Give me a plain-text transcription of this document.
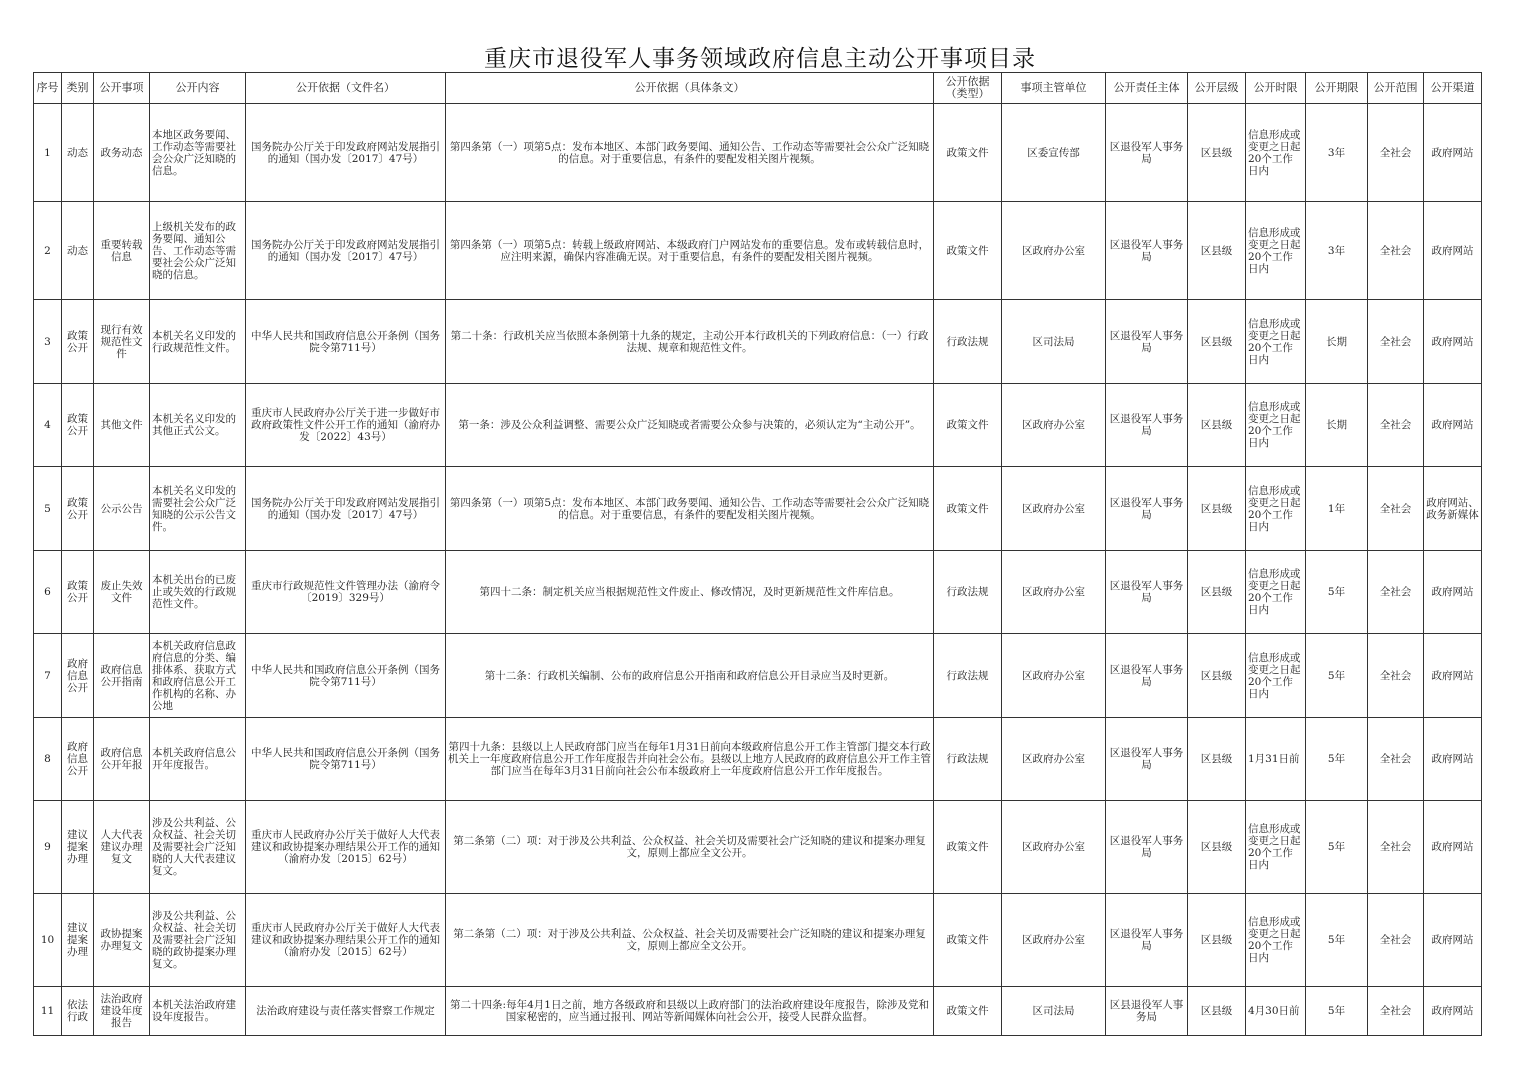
重庆市退役军人事务领域政府信息主动公开事项目录
序号	类别	公开事项	公开内容	公开依据（文件名）	公开依据（具体条文）	公开依据（类型）	事项主管单位	公开责任主体	公开层级	公开时限	公开期限	公开范围	公开渠道

1	动态	政务动态	本地区政务要闻、工作动态等需要社会公众广泛知晓的信息。	国务院办公厅关于印发政府网站发展指引的通知（国办发〔2017〕47号）	第四条第（一）项第5点：发布本地区、本部门政务要闻、通知公告、工作动态等需要社会公众广泛知晓的信息。对于重要信息，有条件的要配发相关图片视频。	政策文件	区委宣传部	区退役军人事务局	区县级	信息形成或变更之日起20个工作日内	3年	全社会	政府网站

2	动态	重要转载信息	上级机关发布的政务要闻、通知公告、工作动态等需要社会公众广泛知晓的信息。	国务院办公厅关于印发政府网站发展指引的通知（国办发〔2017〕47号）	第四条第（一）项第5点：转载上级政府网站、本级政府门户网站发布的重要信息。发布或转载信息时，应注明来源，确保内容准确无误。对于重要信息，有条件的要配发相关图片视频。	政策文件	区政府办公室	区退役军人事务局	区县级	信息形成或变更之日起20个工作日内	3年	全社会	政府网站

3	政策公开	现行有效规范性文件	本机关名义印发的行政规范性文件。	中华人民共和国政府信息公开条例（国务院令第711号）	第二十条：行政机关应当依照本条例第十九条的规定，主动公开本行政机关的下列政府信息：（一）行政法规、规章和规范性文件。	行政法规	区司法局	区退役军人事务局	区县级	信息形成或变更之日起20个工作日内	长期	全社会	政府网站

4	政策公开	其他文件	本机关名义印发的其他正式公文。	重庆市人民政府办公厅关于进一步做好市政府政策性文件公开工作的通知（渝府办发〔2022〕43号）	第一条：涉及公众利益调整、需要公众广泛知晓或者需要公众参与决策的，必须认定为“主动公开”。	政策文件	区政府办公室	区退役军人事务局	区县级	信息形成或变更之日起20个工作日内	长期	全社会	政府网站

5	政策公开	公示公告	本机关名义印发的需要社会公众广泛知晓的公示公告文件。	国务院办公厅关于印发政府网站发展指引的通知（国办发〔2017〕47号）	第四条第（一）项第5点：发布本地区、本部门政务要闻、通知公告、工作动态等需要社会公众广泛知晓的信息。对于重要信息，有条件的要配发相关图片视频。	政策文件	区政府办公室	区退役军人事务局	区县级	信息形成或变更之日起20个工作日内	1年	全社会	政府网站、政务新媒体

6	政策公开	废止失效文件	本机关出台的已废止或失效的行政规范性文件。	重庆市行政规范性文件管理办法（渝府令〔2019〕329号）	第四十二条：制定机关应当根据规范性文件废止、修改情况，及时更新规范性文件库信息。	行政法规	区政府办公室	区退役军人事务局	区县级	信息形成或变更之日起20个工作日内	5年	全社会	政府网站

7	政府信息公开	政府信息公开指南	本机关政府信息政府信息的分类、编排体系、获取方式和政府信息公开工作机构的名称、办公地	中华人民共和国政府信息公开条例（国务院令第711号）	第十二条：行政机关编制、公布的政府信息公开指南和政府信息公开目录应当及时更新。	行政法规	区政府办公室	区退役军人事务局	区县级	信息形成或变更之日起20个工作日内	5年	全社会	政府网站

8	政府信息公开	政府信息公开年报	本机关政府信息公开年度报告。	中华人民共和国政府信息公开条例（国务院令第711号）	第四十九条：县级以上人民政府部门应当在每年1月31日前向本级政府信息公开工作主管部门提交本行政机关上一年度政府信息公开工作年度报告并向社会公布。县级以上地方人民政府的政府信息公开工作主管部门应当在每年3月31日前向社会公布本级政府上一年度政府信息公开工作年度报告。	行政法规	区政府办公室	区退役军人事务局	区县级	1月31日前	5年	全社会	政府网站

9	建议提案办理	人大代表建议办理复文	涉及公共利益、公众权益、社会关切及需要社会广泛知晓的人大代表建议复文。	重庆市人民政府办公厅关于做好人大代表建议和政协提案办理结果公开工作的通知（渝府办发〔2015〕62号）	第二条第（二）项：对于涉及公共利益、公众权益、社会关切及需要社会广泛知晓的建议和提案办理复文，原则上都应全文公开。	政策文件	区政府办公室	区退役军人事务局	区县级	信息形成或变更之日起20个工作日内	5年	全社会	政府网站

10	建议提案办理	政协提案办理复文	涉及公共利益、公众权益、社会关切及需要社会广泛知晓的政协提案办理复文。	重庆市人民政府办公厅关于做好人大代表建议和政协提案办理结果公开工作的通知（渝府办发〔2015〕62号）	第二条第（二）项：对于涉及公共利益、公众权益、社会关切及需要社会广泛知晓的建议和提案办理复文，原则上都应全文公开。	政策文件	区政府办公室	区退役军人事务局	区县级	信息形成或变更之日起20个工作日内	5年	全社会	政府网站

11	依法行政	法治政府建设年度报告	本机关法治政府建设年度报告。	法治政府建设与责任落实督察工作规定	第二十四条:每年4月1日之前，地方各级政府和县级以上政府部门的法治政府建设年度报告，除涉及党和国家秘密的，应当通过报刊、网站等新闻媒体向社会公开，接受人民群众监督。	政策文件	区司法局	区县退役军人事务局	区县级	4月30日前	5年	全社会	政府网站
